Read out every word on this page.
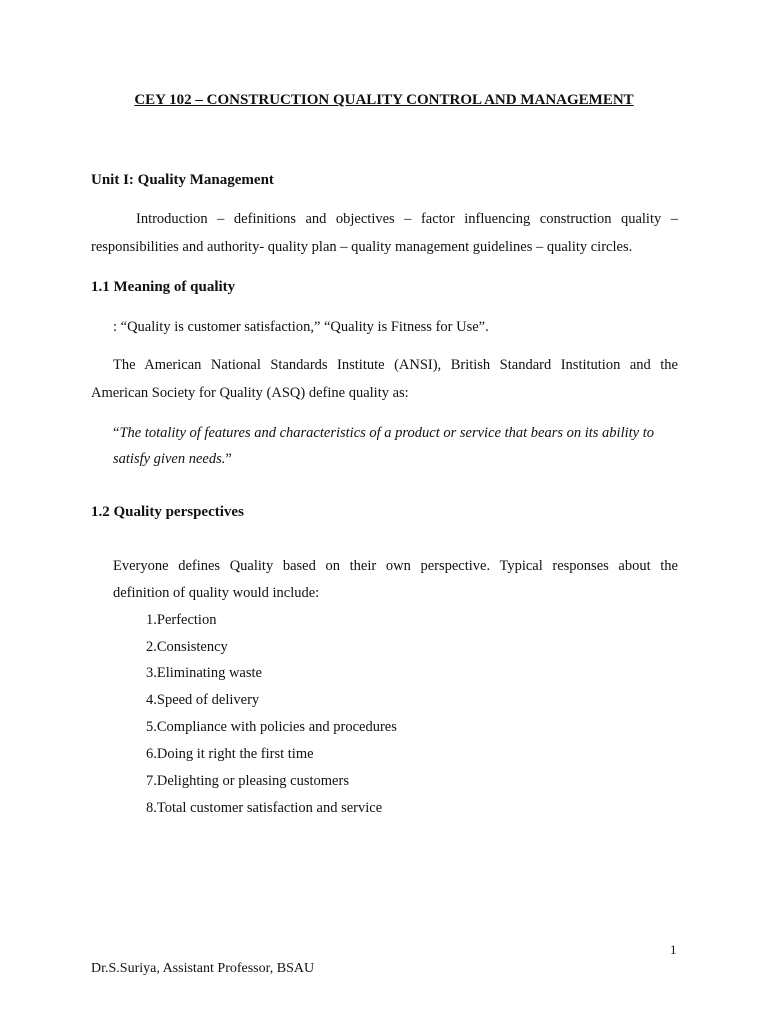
CEY 102 – CONSTRUCTION QUALITY CONTROL AND MANAGEMENT
Unit I: Quality Management
Introduction – definitions and objectives – factor influencing construction quality –
responsibilities and authority- quality plan – quality management guidelines – quality circles.
1.1 Meaning of quality
: “Quality is customer satisfaction,” “Quality is Fitness for Use”.
The American National Standards Institute (ANSI), British Standard Institution and the
American Society for Quality (ASQ) define quality as:
“The totality of features and characteristics of a product or service that bears on its ability to
satisfy given needs.”
1.2 Quality perspectives
Everyone defines Quality based on their own perspective. Typical responses about the
definition of quality would include:
1.Perfection
2.Consistency
3.Eliminating waste
4.Speed of delivery
5.Compliance with policies and procedures
6.Doing it right the first time
7.Delighting or pleasing customers
8.Total customer satisfaction and service
1
Dr.S.Suriya, Assistant Professor, BSAU
